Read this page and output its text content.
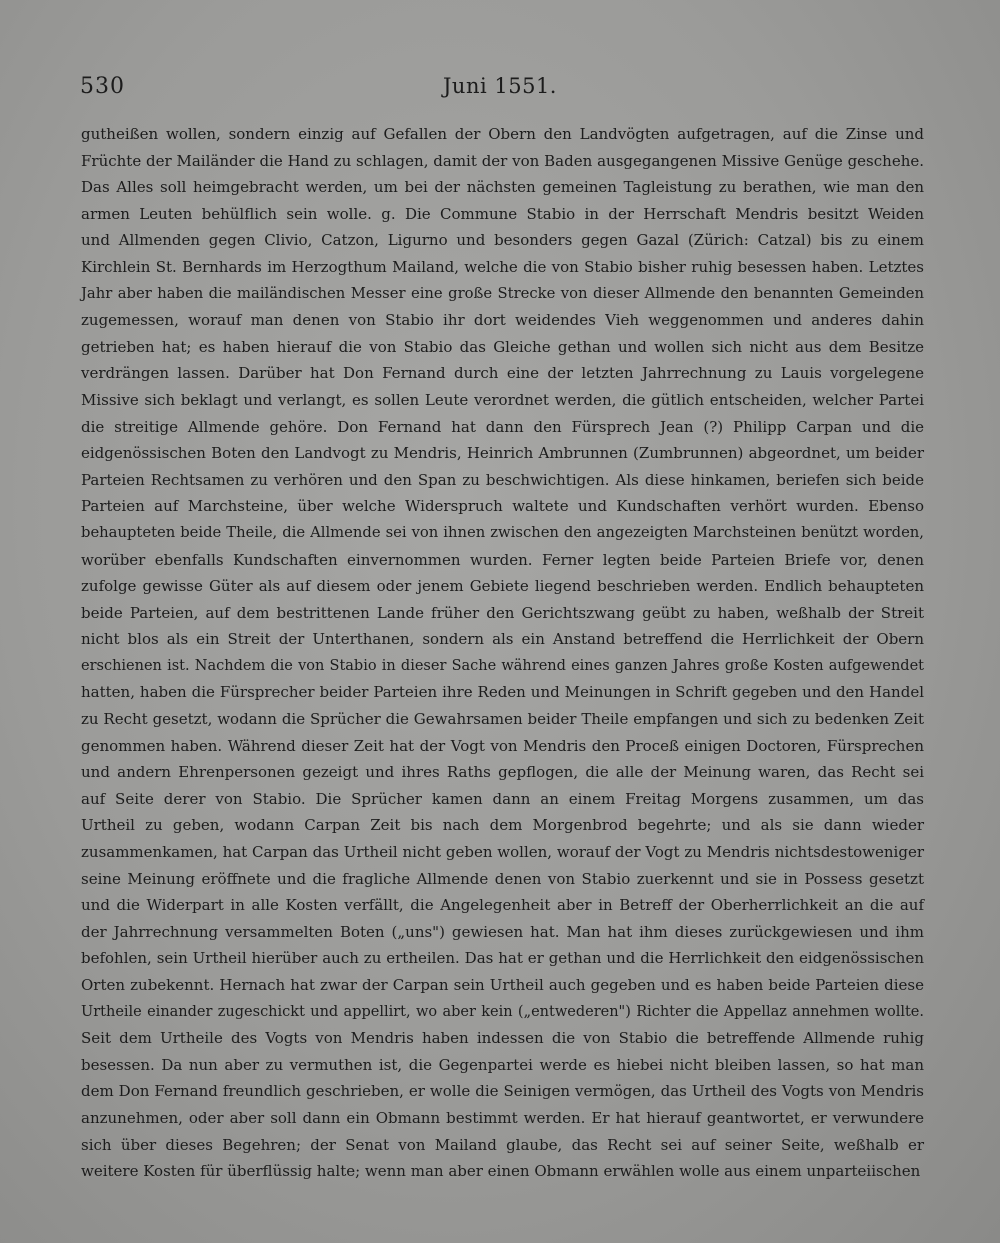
530	Juni 1551.
gutheißen wollen, sondern einzig auf Gefallen der Obern den Landvögten aufgetragen, auf die Zinse und
Früchte der Mailänder die Hand zu schlagen, damit der von Baden ausgegangenen Missive Genüge geschehe.
Das Alles soll heimgebracht werden, um bei der nächsten gemeinen Tagleistung zu berathen, wie man den
armen Leuten behülflich sein wolle. g. Die Commune Stabio in der Herrschaft Mendris besitzt Weiden
und Allmenden gegen Clivio, Catzon, Ligurno und besonders gegen Gazal (Zürich: Catzal) bis zu einem
Kirchlein St. Bernhards im Herzogthum Mailand, welche die von Stabio bisher ruhig besessen haben. Letztes
Jahr aber haben die mailändischen Messer eine große Strecke von dieser Allmende den benannten Gemeinden
zugemessen, worauf man denen von Stabio ihr dort weidendes Vieh weggenommen und anderes dahin
getrieben hat; es haben hierauf die von Stabio das Gleiche gethan und wollen sich nicht aus dem Besitze
verdrängen lassen. Darüber hat Don Fernand durch eine der letzten Jahrrechnung zu Lauis vorgelegene
Missive sich beklagt und verlangt, es sollen Leute verordnet werden, die gütlich entscheiden, welcher Partei
die streitige Allmende gehöre. Don Fernand hat dann den Fürsprech Jean (?) Philipp Carpan und die
eidgenössischen Boten den Landvogt zu Mendris, Heinrich Ambrunnen (Zumbrunnen) abgeordnet, um beider
Parteien Rechtsamen zu verhören und den Span zu beschwichtigen. Als diese hinkamen, beriefen sich beide
Parteien auf Marchsteine, über welche Widerspruch waltete und Kundschaften verhört wurden. Ebenso
behaupteten beide Theile, die Allmende sei von ihnen zwischen den angezeigten Marchsteinen benützt worden,
worüber ebenfalls Kundschaften einvernommen wurden. Ferner legten beide Parteien Briefe vor, denen
zufolge gewisse Güter als auf diesem oder jenem Gebiete liegend beschrieben werden. Endlich behaupteten
beide Parteien, auf dem bestrittenen Lande früher den Gerichtszwang geübt zu haben, weßhalb der Streit
nicht blos als ein Streit der Unterthanen, sondern als ein Anstand betreffend die Herrlichkeit der Obern
erschienen ist. Nachdem die von Stabio in dieser Sache während eines ganzen Jahres große Kosten aufgewendet
hatten, haben die Fürsprecher beider Parteien ihre Reden und Meinungen in Schrift gegeben und den Handel
zu Recht gesetzt, wodann die Sprücher die Gewahrsamen beider Theile empfangen und sich zu bedenken Zeit
genommen haben. Während dieser Zeit hat der Vogt von Mendris den Proceß einigen Doctoren, Fürsprechen
und andern Ehrenpersonen gezeigt und ihres Raths gepflogen, die alle der Meinung waren, das Recht sei
auf Seite derer von Stabio. Die Sprücher kamen dann an einem Freitag Morgens zusammen, um das
Urtheil zu geben, wodann Carpan Zeit bis nach dem Morgenbrod begehrte; und als sie dann wieder
zusammenkamen, hat Carpan das Urtheil nicht geben wollen, worauf der Vogt zu Mendris nichtsdestoweniger
seine Meinung eröffnete und die fragliche Allmende denen von Stabio zuerkennt und sie in Possess gesetzt
und die Widerpart in alle Kosten verfällt, die Angelegenheit aber in Betreff der Oberherrlichkeit an die auf
der Jahrrechnung versammelten Boten („uns") gewiesen hat. Man hat ihm dieses zurückgewiesen und ihm
befohlen, sein Urtheil hierüber auch zu ertheilen. Das hat er gethan und die Herrlichkeit den eidgenössischen
Orten zubekennt. Hernach hat zwar der Carpan sein Urtheil auch gegeben und es haben beide Parteien diese
Urtheile einander zugeschickt und appellirt, wo aber kein („entwederen") Richter die Appellaz annehmen wollte.
Seit dem Urtheile des Vogts von Mendris haben indessen die von Stabio die betreffende Allmende ruhig
besessen. Da nun aber zu vermuthen ist, die Gegenpartei werde es hiebei nicht bleiben lassen, so hat man
dem Don Fernand freundlich geschrieben, er wolle die Seinigen vermögen, das Urtheil des Vogts von Mendris
anzunehmen, oder aber soll dann ein Obmann bestimmt werden. Er hat hierauf geantwortet, er verwundere
sich über dieses Begehren; der Senat von Mailand glaube, das Recht sei auf seiner Seite, weßhalb er
weitere Kosten für überflüssig halte; wenn man aber einen Obmann erwählen wolle aus einem unparteiischen
